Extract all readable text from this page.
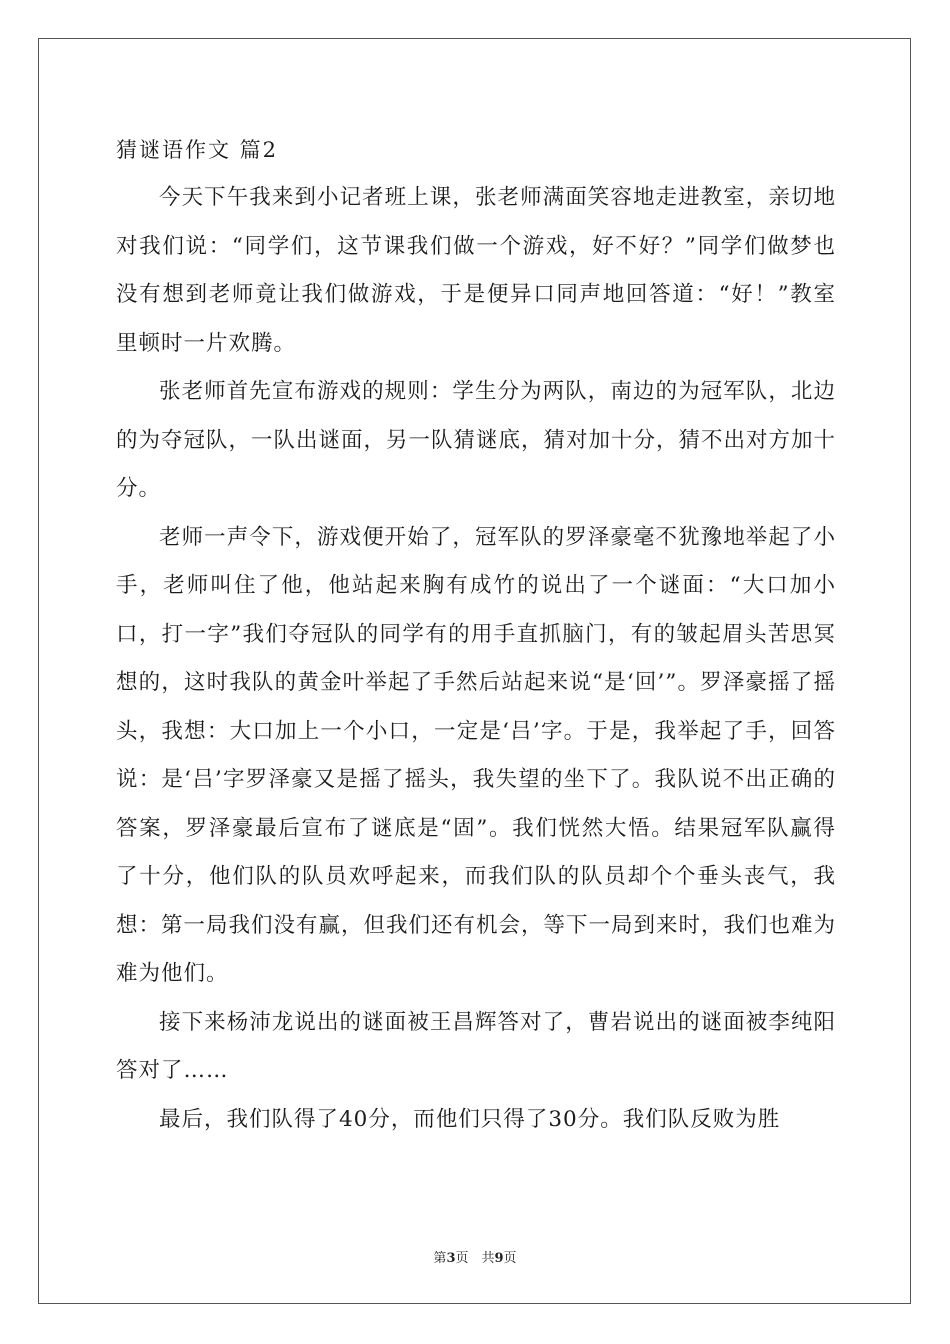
猜谜语作文 篇2

今天下午我来到小记者班上课，张老师满面笑容地走进教室，亲切地对我们说：“同学们，这节课我们做一个游戏，好不好？”同学们做梦也没有想到老师竟让我们做游戏，于是便异口同声地回答道：“好！”教室里顿时一片欢腾。

张老师首先宣布游戏的规则：学生分为两队，南边的为冠军队，北边的为夺冠队，一队出谜面，另一队猜谜底，猜对加十分，猜不出对方加十分。

老师一声令下，游戏便开始了，冠军队的罗泽豪毫不犹豫地举起了小手，老师叫住了他，他站起来胸有成竹的说出了一个谜面：“大口加小口，打一字”我们夺冠队的同学有的用手直抓脑门，有的皱起眉头苦思冥想的，这时我队的黄金叶举起了手然后站起来说“是‘回’”。罗泽豪摇了摇头，我想：大口加上一个小口，一定是‘吕’字。于是，我举起了手，回答说：是‘吕’字罗泽豪又是摇了摇头，我失望的坐下了。我队说不出正确的答案，罗泽豪最后宣布了谜底是“固”。我们恍然大悟。结果冠军队赢得了十分，他们队的队员欢呼起来，而我们队的队员却个个垂头丧气，我想：第一局我们没有赢，但我们还有机会，等下一局到来时，我们也难为难为他们。

接下来杨沛龙说出的谜面被王昌辉答对了，曹岩说出的谜面被李纯阳答对了……

最后，我们队得了40分，而他们只得了30分。我们队反败为胜

第3页　共9页
